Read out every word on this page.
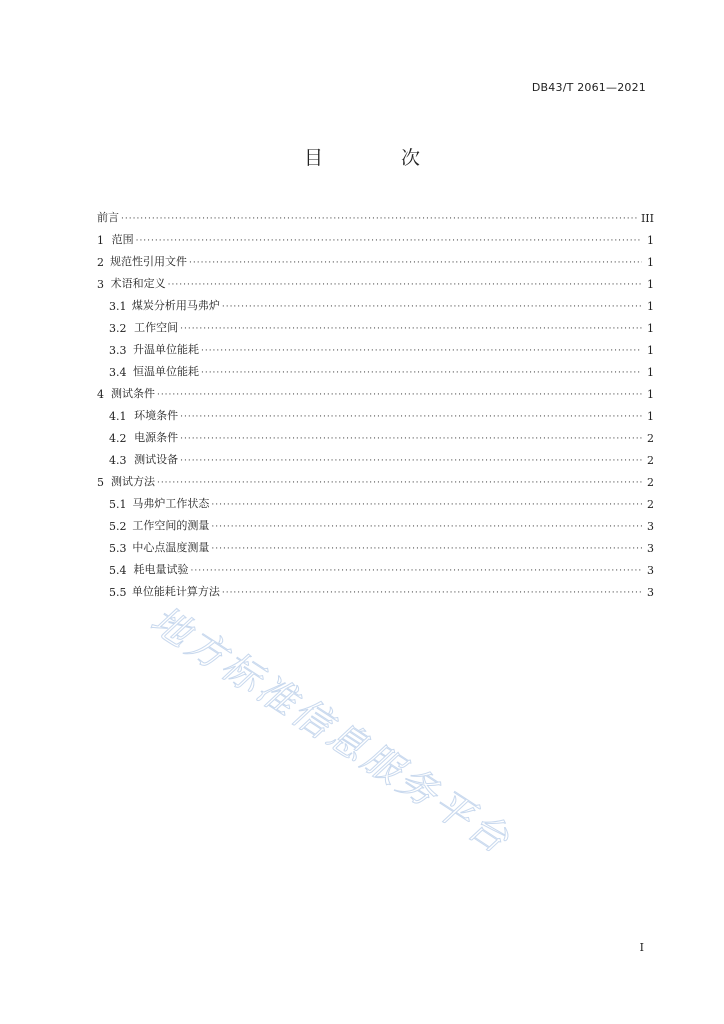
DB43/T 2061—2021
目 次
前言 ·····	III
1 范围 ·····	1
2 规范性引用文件 ·····	1
3 术语和定义 ·····	1
3.1 煤炭分析用马弗炉 ·····	1
3.2 工作空间 ·····	1
3.3 升温单位能耗 ·····	1
3.4 恒温单位能耗 ·····	1
4 测试条件 ·····	1
4.1 环境条件 ·····	1
4.2 电源条件 ·····	2
4.3 测试设备 ·····	2
5 测试方法 ·····	2
5.1 马弗炉工作状态 ·····	2
5.2 工作空间的测量 ·····	3
5.3 中心点温度测量 ·····	3
5.4 耗电量试验 ·····	3
5.5 单位能耗计算方法 ·····	3
地方标准信息服务平台
I
